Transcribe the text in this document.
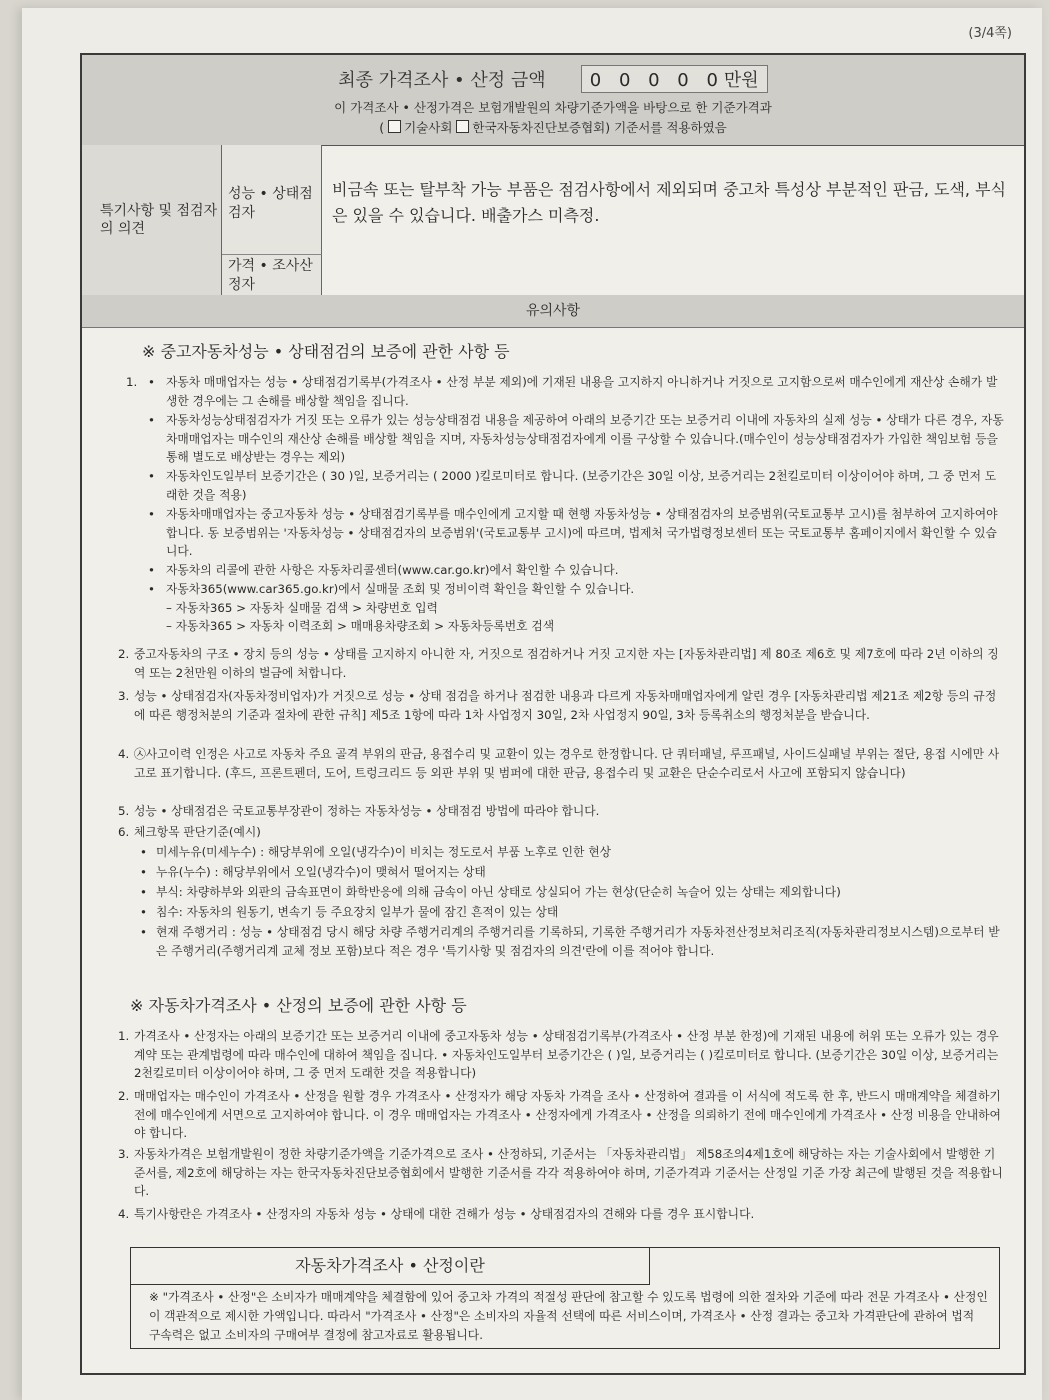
(3/4쪽)
최종 가격조사 • 산정 금액 0 0 0 0 0만원
이 가격조사 • 산정가격은 보험개발원의 차량기준가액을 바탕으로 한 기준가격과
( 기술사회 한국자동차진단보증협회) 기준서를 적용하였음
특기사항 및 점검자의 의견
성능 • 상태점검자
비금속 또는 탈부착 가능 부품은 점검사항에서 제외되며 중고차 특성상 부분적인 판금, 도색, 부식은 있을 수 있습니다. 배출가스 미측정.
가격 • 조사산정자
유의사항
※ 중고자동차성능 • 상태점검의 보증에 관한 사항 등
1. • 자동차 매매업자는 성능 • 상태점검기록부(가격조사 • 산정 부분 제외)에 기재된 내용을 고지하지 아니하거나 거짓으로 고지함으로써 매수인에게 재산상 손해가 발생한 경우에는 그 손해를 배상할 책임을 집니다.
• 자동차성능상태점검자가 거짓 또는 오류가 있는 성능상태점검 내용을 제공하여 아래의 보증기간 또는 보증거리 이내에 자동차의 실제 성능 • 상태가 다른 경우, 자동차매매업자는 매수인의 재산상 손해를 배상할 책임을 지며, 자동차성능상태점검자에게 이를 구상할 수 있습니다.(매수인이 성능상태점검자가 가입한 책임보험 등을 통해 별도로 배상받는 경우는 제외)
• 자동차인도일부터 보증기간은 ( 30 )일, 보증거리는 ( 2000 )킬로미터로 합니다. (보증기간은 30일 이상, 보증거리는 2천킬로미터 이상이어야 하며, 그 중 먼저 도래한 것을 적용)
• 자동차매매업자는 중고자동차 성능 • 상태점검기록부를 매수인에게 고지할 때 현행 자동차성능 • 상태점검자의 보증범위(국토교통부 고시)를 첨부하여 고지하여야 합니다. 동 보증범위는 '자동차성능 • 상태점검자의 보증범위'(국토교통부 고시)에 따르며, 법제처 국가법령정보센터 또는 국토교통부 홈페이지에서 확인할 수 있습니다.
• 자동차의 리콜에 관한 사항은 자동차리콜센터(www.car.go.kr)에서 확인할 수 있습니다.
• 자동차365(www.car365.go.kr)에서 실매물 조회 및 정비이력 확인을 확인할 수 있습니다.
– 자동차365 > 자동차 실매물 검색 > 차량번호 입력
– 자동차365 > 자동차 이력조회 > 매매용차량조회 > 자동차등록번호 검색
2. 중고자동차의 구조 • 장치 등의 성능 • 상태를 고지하지 아니한 자, 거짓으로 점검하거나 거짓 고지한 자는 [자동차관리법] 제 80조 제6호 및 제7호에 따라 2년 이하의 징역 또는 2천만원 이하의 벌금에 처합니다.
3. 성능 • 상태점검자(자동차정비업자)가 거짓으로 성능 • 상태 점검을 하거나 점검한 내용과 다르게 자동차매매업자에게 알린 경우 [자동차관리법 제21조 제2항 등의 규정에 따른 행정처분의 기준과 절차에 관한 규칙] 제5조 1항에 따라 1차 사업정지 30일, 2차 사업정지 90일, 3차 등록취소의 행정처분을 받습니다.
4. ㉦사고이력 인정은 사고로 자동차 주요 골격 부위의 판금, 용접수리 및 교환이 있는 경우로 한정합니다. 단 쿼터패널, 루프패널, 사이드실패널 부위는 절단, 용접 시에만 사고로 표기합니다. (후드, 프론트펜더, 도어, 트렁크리드 등 외판 부위 및 범퍼에 대한 판금, 용접수리 및 교환은 단순수리로서 사고에 포함되지 않습니다)
5. 성능 • 상태점검은 국토교통부장관이 정하는 자동차성능 • 상태점검 방법에 따라야 합니다.
6. 체크항목 판단기준(예시)
• 미세누유(미세누수) : 해당부위에 오일(냉각수)이 비치는 정도로서 부품 노후로 인한 현상
• 누유(누수) : 해당부위에서 오일(냉각수)이 맺혀서 떨어지는 상태
• 부식: 차량하부와 외판의 금속표면이 화학반응에 의해 금속이 아닌 상태로 상실되어 가는 현상(단순히 녹슬어 있는 상태는 제외합니다)
• 침수: 자동차의 원동기, 변속기 등 주요장치 일부가 물에 잠긴 흔적이 있는 상태
• 현재 주행거리 : 성능 • 상태점검 당시 해당 차량 주행거리계의 주행거리를 기록하되, 기록한 주행거리가 자동차전산정보처리조직(자동차관리정보시스템)으로부터 받은 주행거리(주행거리계 교체 정보 포함)보다 적은 경우 '특기사항 및 점검자의 의견'란에 이를 적어야 합니다.
※ 자동차가격조사 • 산정의 보증에 관한 사항 등
1. 가격조사 • 산정자는 아래의 보증기간 또는 보증거리 이내에 중고자동차 성능 • 상태점검기록부(가격조사 • 산정 부분 한정)에 기재된 내용에 허위 또는 오류가 있는 경우 계약 또는 관계법령에 따라 매수인에 대하여 책임을 집니다. • 자동차인도일부터 보증기간은 ( )일, 보증거리는 ( )킬로미터로 합니다. (보증기간은 30일 이상, 보증거리는 2천킬로미터 이상이어야 하며, 그 중 먼저 도래한 것을 적용합니다)
2. 매매업자는 매수인이 가격조사 • 산정을 원할 경우 가격조사 • 산정자가 해당 자동차 가격을 조사 • 산정하여 결과를 이 서식에 적도록 한 후, 반드시 매매계약을 체결하기 전에 매수인에게 서면으로 고지하여야 합니다. 이 경우 매매업자는 가격조사 • 산정자에게 가격조사 • 산정을 의뢰하기 전에 매수인에게 가격조사 • 산정 비용을 안내하여야 합니다.
3. 자동차가격은 보험개발원이 정한 차량기준가액을 기준가격으로 조사 • 산정하되, 기준서는 「자동차관리법」 제58조의4제1호에 해당하는 자는 기술사회에서 발행한 기준서를, 제2호에 해당하는 자는 한국자동차진단보증협회에서 발행한 기준서를 각각 적용하여야 하며, 기준가격과 기준서는 산정일 기준 가장 최근에 발행된 것을 적용합니다.
4. 특기사항란은 가격조사 • 산정자의 자동차 성능 • 상태에 대한 견해가 성능 • 상태점검자의 견해와 다를 경우 표시합니다.
자동차가격조사 • 산정이란
※ "가격조사 • 산정"은 소비자가 매매계약을 체결함에 있어 중고차 가격의 적절성 판단에 참고할 수 있도록 법령에 의한 절차와 기준에 따라 전문 가격조사 • 산정인이 객관적으로 제시한 가액입니다. 따라서 "가격조사 • 산정"은 소비자의 자율적 선택에 따른 서비스이며, 가격조사 • 산정 결과는 중고차 가격판단에 관하여 법적 구속력은 없고 소비자의 구매여부 결정에 참고자료로 활용됩니다.
